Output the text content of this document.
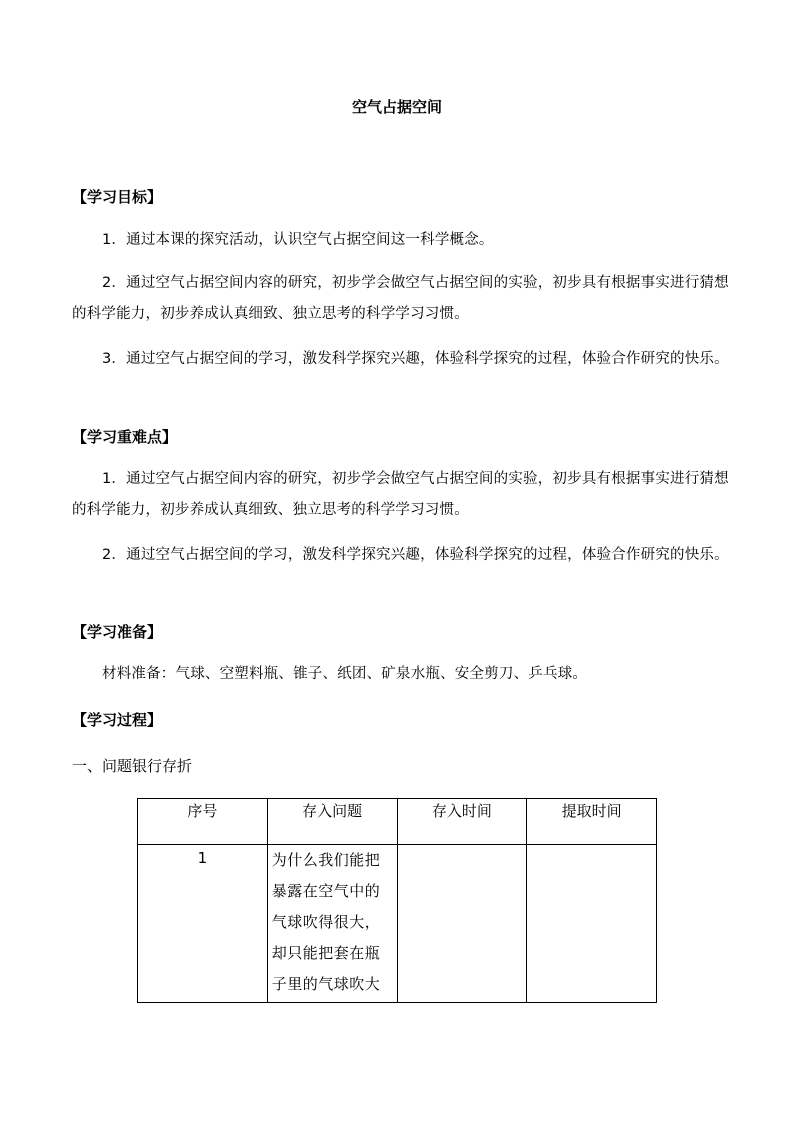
空气占据空间
【学习目标】
1．通过本课的探究活动，认识空气占据空间这一科学概念。
2．通过空气占据空间内容的研究，初步学会做空气占据空间的实验，初步具有根据事实进行猜想的科学能力，初步养成认真细致、独立思考的科学学习习惯。
3．通过空气占据空间的学习，激发科学探究兴趣，体验科学探究的过程，体验合作研究的快乐。
【学习重难点】
1．通过空气占据空间内容的研究，初步学会做空气占据空间的实验，初步具有根据事实进行猜想的科学能力，初步养成认真细致、独立思考的科学学习习惯。
2．通过空气占据空间的学习，激发科学探究兴趣，体验科学探究的过程，体验合作研究的快乐。
【学习准备】
材料准备：气球、空塑料瓶、锥子、纸团、矿泉水瓶、安全剪刀、乒乓球。
【学习过程】
一、问题银行存折
序号	存入问题	存入时间	提取时间
1	为什么我们能把暴露在空气中的气球吹得很大，却只能把套在瓶子里的气球吹大		
